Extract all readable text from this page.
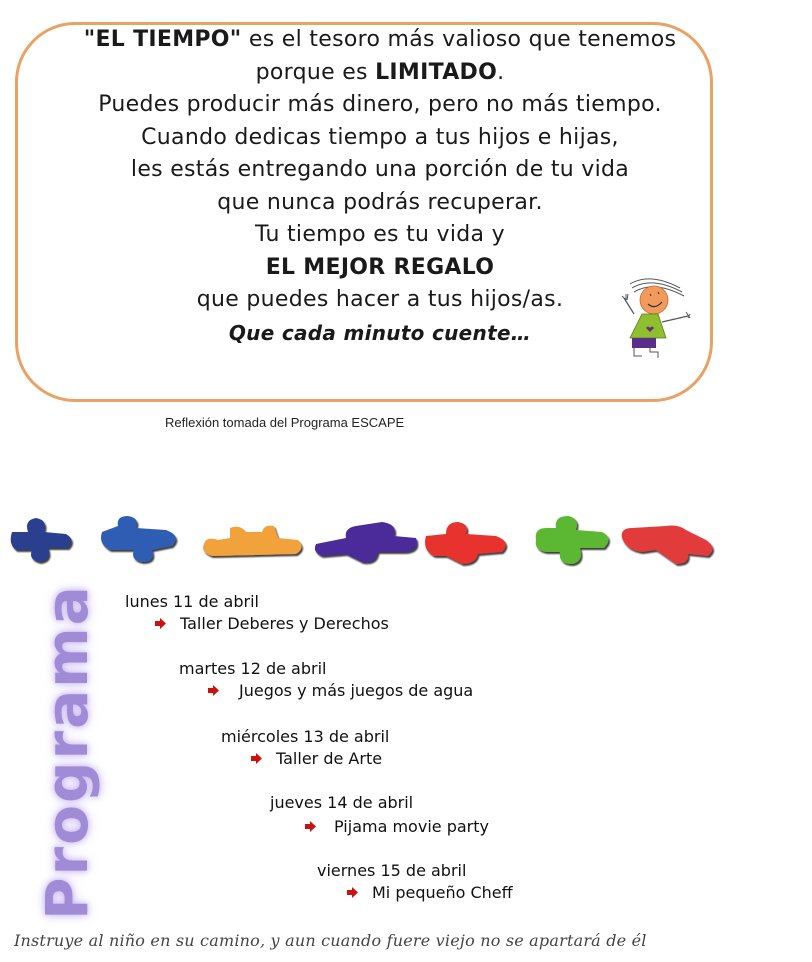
"EL TIEMPO" es el tesoro más valioso que tenemos
porque es LIMITADO.
Puedes producir más dinero, pero no más tiempo.
Cuando dedicas tiempo a tus hijos e hijas,
les estás entregando una porción de tu vida
que nunca podrás recuperar.
Tu tiempo es tu vida y
EL MEJOR REGALO
que puedes hacer a tus hijos/as.
Que cada minuto cuente…
Reflexión tomada del Programa ESCAPE
Programa lunes 11 de abril
Taller Deberes y Derechos
martes 12 de abril
Juegos y más juegos de agua
miércoles 13 de abril
Taller de Arte
jueves 14 de abril
Pijama movie party
viernes 15 de abril
Mi pequeño Cheff
Instruye al niño en su camino, y aun cuando fuere viejo no se apartará de él
